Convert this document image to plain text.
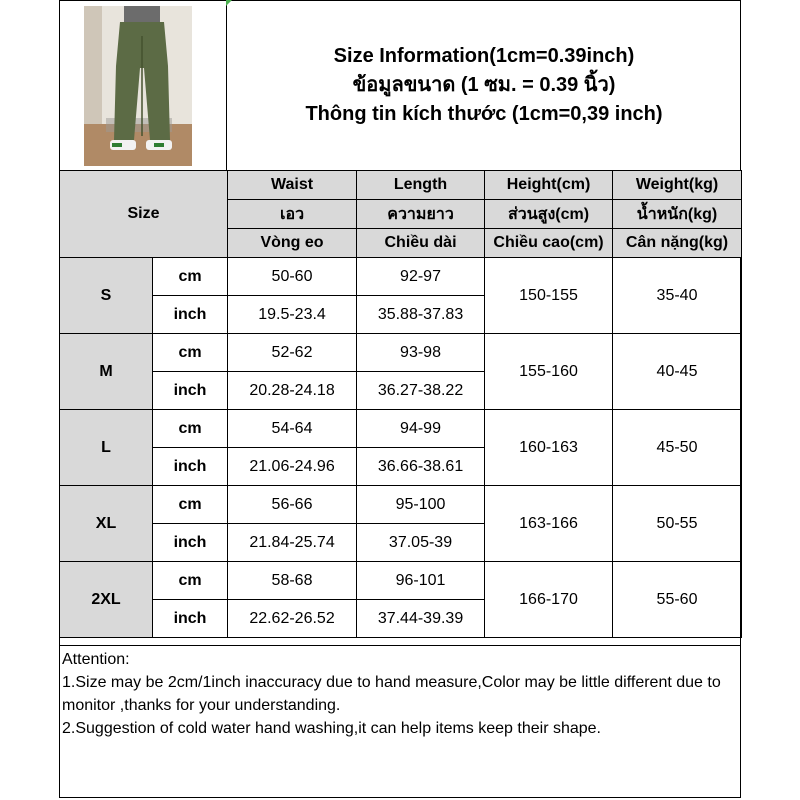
Size Information(1cm=0.39inch)
ข้อมูลขนาด (1 ซม. = 0.39 นิ้ว)
Thông tin kích thước (1cm=0,39 inch)
Size		Waist	Length	Height(cm)	Weight(kg)
		เอว	ความยาว	ส่วนสูง(cm)	น้ำหนัก(kg)
		Vòng eo	Chiều dài	Chiều cao(cm)	Cân nặng(kg)
S	cm	50-60	92-97	150-155	35-40
	inch	19.5-23.4	35.88-37.83		
M	cm	52-62	93-98	155-160	40-45
	inch	20.28-24.18	36.27-38.22		
L	cm	54-64	94-99	160-163	45-50
	inch	21.06-24.96	36.66-38.61		
XL	cm	56-66	95-100	163-166	50-55
	inch	21.84-25.74	37.05-39		
2XL	cm	58-68	96-101	166-170	55-60
	inch	22.62-26.52	37.44-39.39		

Attention:

1.Size may be 2cm/1inch inaccuracy due to hand measure,Color may be little different due to monitor ,thanks for your understanding.

2.Suggestion of cold water hand washing,it can help items keep their shape.
